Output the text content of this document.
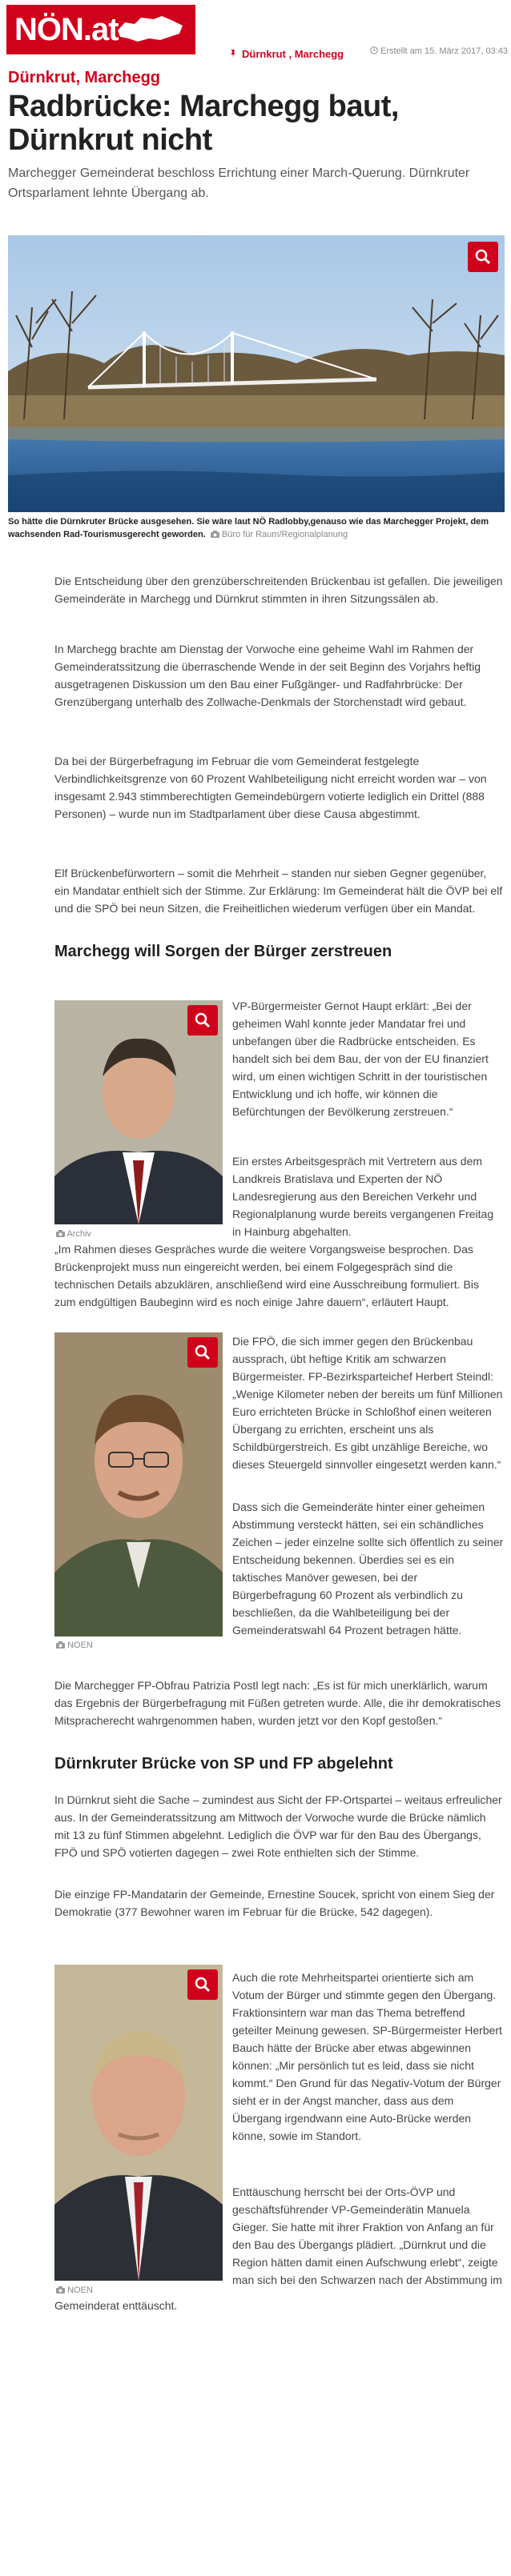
NÖN.at
Dürnkrut , Marchegg	Erstellt am 15. März 2017, 03:43
Dürnkrut, Marchegg
Radbrücke: Marchegg baut, Dürnkrut nicht

Marchegger Gemeinderat beschloss Errichtung einer March-Querung. Dürnkruter Ortsparlament lehnte Übergang ab.

So hätte die Dürnkruter Brücke ausgesehen. Sie wäre laut NÖ Radlobby,genauso wie das Marchegger Projekt, dem wachsenden Rad-Tourismusgerecht geworden. Büro für Raum/Regionalplanung

Die Entscheidung über den grenzüberschreitenden Brückenbau ist gefallen. Die jeweiligen Gemeinderäte in Marchegg und Dürnkrut stimmten in ihren Sitzungssälen ab.

In Marchegg brachte am Dienstag der Vorwoche eine geheime Wahl im Rahmen der Gemeinderatssitzung die überraschende Wende in der seit Beginn des Vorjahrs heftig ausgetragenen Diskussion um den Bau einer Fußgänger- und Radfahrbrücke: Der Grenzübergang unterhalb des Zollwache-Denkmals der Storchenstadt wird gebaut.

Da bei der Bürgerbefragung im Februar die vom Gemeinderat festgelegte Verbindlichkeitsgrenze von 60 Prozent Wahlbeteiligung nicht erreicht worden war – von insgesamt 2.943 stimmberechtigten Gemeindebürgern votierte lediglich ein Drittel (888 Personen) – wurde nun im Stadtparlament über diese Causa abgestimmt.

Elf Brückenbefürwortern – somit die Mehrheit – standen nur sieben Gegner gegenüber, ein Mandatar enthielt sich der Stimme. Zur Erklärung: Im Gemeinderat hält die ÖVP bei elf und die SPÖ bei neun Sitzen, die Freiheitlichen wiederum verfügen über ein Mandat.

Marchegg will Sorgen der Bürger zerstreuen
Archiv

VP-Bürgermeister Gernot Haupt erklärt: „Bei der geheimen Wahl konnte jeder Mandatar frei und unbefangen über die Radbrücke entscheiden. Es handelt sich bei dem Bau, der von der EU finanziert wird, um einen wichtigen Schritt in der touristischen Entwicklung und ich hoffe, wir können die Befürchtungen der Bevölkerung zerstreuen.“

Ein erstes Arbeitsgespräch mit Vertretern aus dem Landkreis Bratislava und Experten der NÖ Landesregierung aus den Bereichen Verkehr und Regionalplanung wurde bereits vergangenen Freitag in Hainburg abgehalten.

„Im Rahmen dieses Gespräches wurde die weitere Vorgangsweise besprochen. Das Brückenprojekt muss nun eingereicht werden, bei einem Folgegespräch sind die technischen Details abzuklären, anschließend wird eine Ausschreibung formuliert. Bis zum endgültigen Baubeginn wird es noch einige Jahre dauern“, erläutert Haupt.

NOEN

Die FPÖ, die sich immer gegen den Brückenbau aussprach, übt heftige Kritik am schwarzen Bürgermeister. FP-Bezirksparteichef Herbert Steindl: „Wenige Kilometer neben der bereits um fünf Millionen Euro errichteten Brücke in Schloßhof einen weiteren Übergang zu errichten, erscheint uns als Schildbürgerstreich. Es gibt unzählige Bereiche, wo dieses Steuergeld sinnvoller eingesetzt werden kann.“

Dass sich die Gemeinderäte hinter einer geheimen Abstimmung versteckt hätten, sei ein schändliches Zeichen – jeder einzelne sollte sich öffentlich zu seiner Entscheidung bekennen. Überdies sei es ein taktisches Manöver gewesen, bei der Bürgerbefragung 60 Prozent als verbindlich zu beschließen, da die Wahlbeteiligung bei der Gemeinderatswahl 64 Prozent betragen hätte.

Die Marchegger FP-Obfrau Patrizia Postl legt nach: „Es ist für mich unerklärlich, warum das Ergebnis der Bürgerbefragung mit Füßen getreten wurde. Alle, die ihr demokratisches Mitspracherecht wahrgenommen haben, wurden jetzt vor den Kopf gestoßen.“

Dürnkruter Brücke von SP und FP abgelehnt

In Dürnkrut sieht die Sache – zumindest aus Sicht der FP-Ortspartei – weitaus erfreulicher aus. In der Gemeinderatssitzung am Mittwoch der Vorwoche wurde die Brücke nämlich mit 13 zu fünf Stimmen abgelehnt. Lediglich die ÖVP war für den Bau des Übergangs, FPÖ und SPÖ votierten dagegen – zwei Rote enthielten sich der Stimme.

Die einzige FP-Mandatarin der Gemeinde, Ernestine Soucek, spricht von einem Sieg der Demokratie (377 Bewohner waren im Februar für die Brücke, 542 dagegen).

NOEN

Auch die rote Mehrheitspartei orientierte sich am Votum der Bürger und stimmte gegen den Übergang. Fraktionsintern war man das Thema betreffend geteilter Meinung gewesen. SP-Bürgermeister Herbert Bauch hätte der Brücke aber etwas abgewinnen können: „Mir persönlich tut es leid, dass sie nicht kommt.“ Den Grund für das Negativ-Votum der Bürger sieht er in der Angst mancher, dass aus dem Übergang irgendwann eine Auto-Brücke werden könne, sowie im Standort.

Enttäuschung herrscht bei der Orts-ÖVP und geschäftsführender VP-Gemeinderätin Manuela Gieger. Sie hatte mit ihrer Fraktion von Anfang an für den Bau des Übergangs plädiert. „Dürnkrut und die Region hätten damit einen Aufschwung erlebt“, zeigte man sich bei den Schwarzen nach der Abstimmung im

Gemeinderat enttäuscht.
